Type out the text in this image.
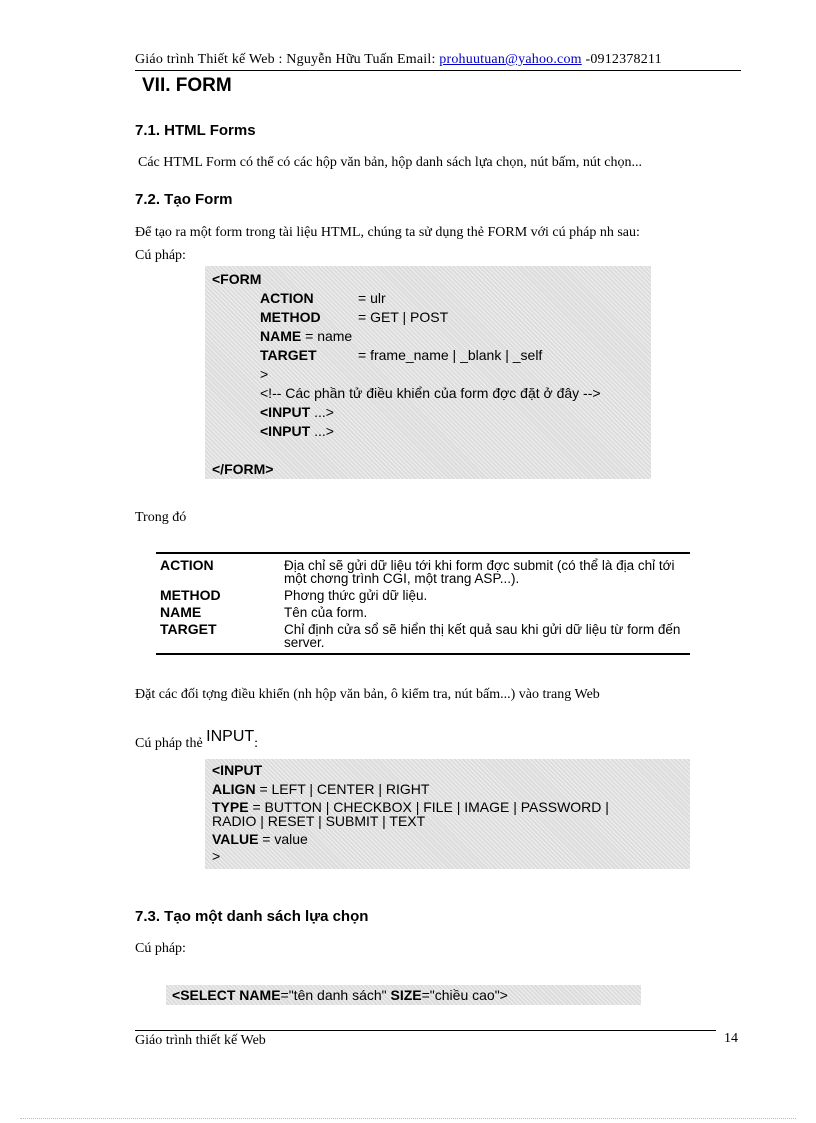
Giáo trình Thiết kế Web : Nguyễn Hữu Tuấn Email: prohuutuan@yahoo.com -0912378211
VII. FORM
7.1. HTML Forms
Các HTML Form có thể có các hộp văn bản, hộp danh sách lựa chọn, nút bấm, nút chọn...
7.2. Tạo Form
Để tạo ra một form trong tài liệu HTML, chúng ta sử dụng thẻ FORM với cú pháp nh sau:
Cú pháp:
<FORM
ACTION	= ulr
METHOD	= GET | POST
NAME = name
TARGET	= frame_name | _blank | _self
>
<!-- Các phần tử điều khiển của form đợc đặt ở đây -->
<INPUT ...>
<INPUT ...>
</FORM>
Trong đó
ACTION	Địa chỉ sẽ gửi dữ liệu tới khi form đợc submit (có thể là địa chỉ tới một chơng trình CGI, một trang ASP...).
METHOD	Phơng thức gửi dữ liệu.
NAME	Tên của form.
TARGET	Chỉ định cửa sổ sẽ hiển thị kết quả sau khi gửi dữ liệu từ form đến server.
Đặt các đối tợng điều khiển (nh hộp văn bản, ô kiểm tra, nút bấm...) vào trang Web
Cú pháp thẻ INPUT:
<INPUT
ALIGN = LEFT | CENTER | RIGHT
TYPE = BUTTON | CHECKBOX | FILE | IMAGE | PASSWORD |
RADIO | RESET | SUBMIT | TEXT
VALUE = value
>
7.3. Tạo một danh sách lựa chọn
Cú pháp:
<SELECT NAME="tên danh sách" SIZE="chiều cao">
Giáo trình thiết kế Web	14
